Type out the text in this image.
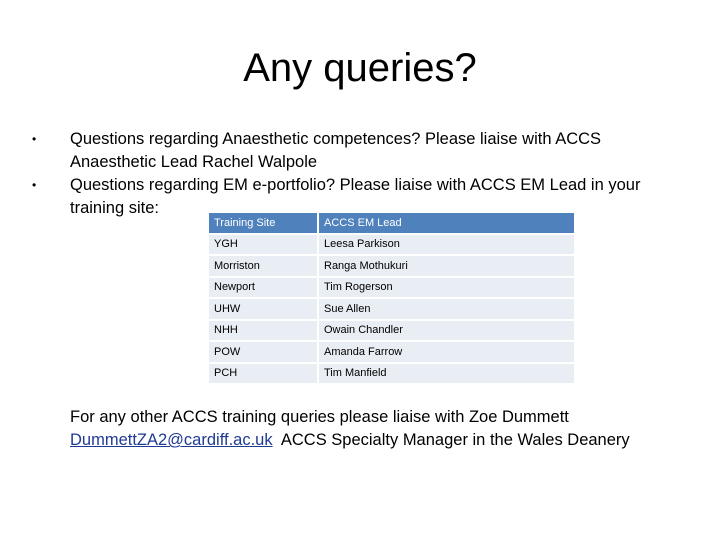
Any queries?
•	Questions regarding Anaesthetic competences? Please liaise with ACCS Anaesthetic Lead Rachel Walpole
•	Questions regarding EM e-portfolio? Please liaise with ACCS EM Lead in your training site:
Training Site	ACCS EM Lead
YGH	Leesa Parkison
Morriston	Ranga Mothukuri
Newport	Tim Rogerson
UHW	Sue Allen
NHH	Owain Chandler
POW	Amanda Farrow
PCH	Tim Manfield
For any other ACCS training queries please liaise with Zoe Dummett
DummettZA2@cardiff.ac.uk  ACCS Specialty Manager in the Wales Deanery
